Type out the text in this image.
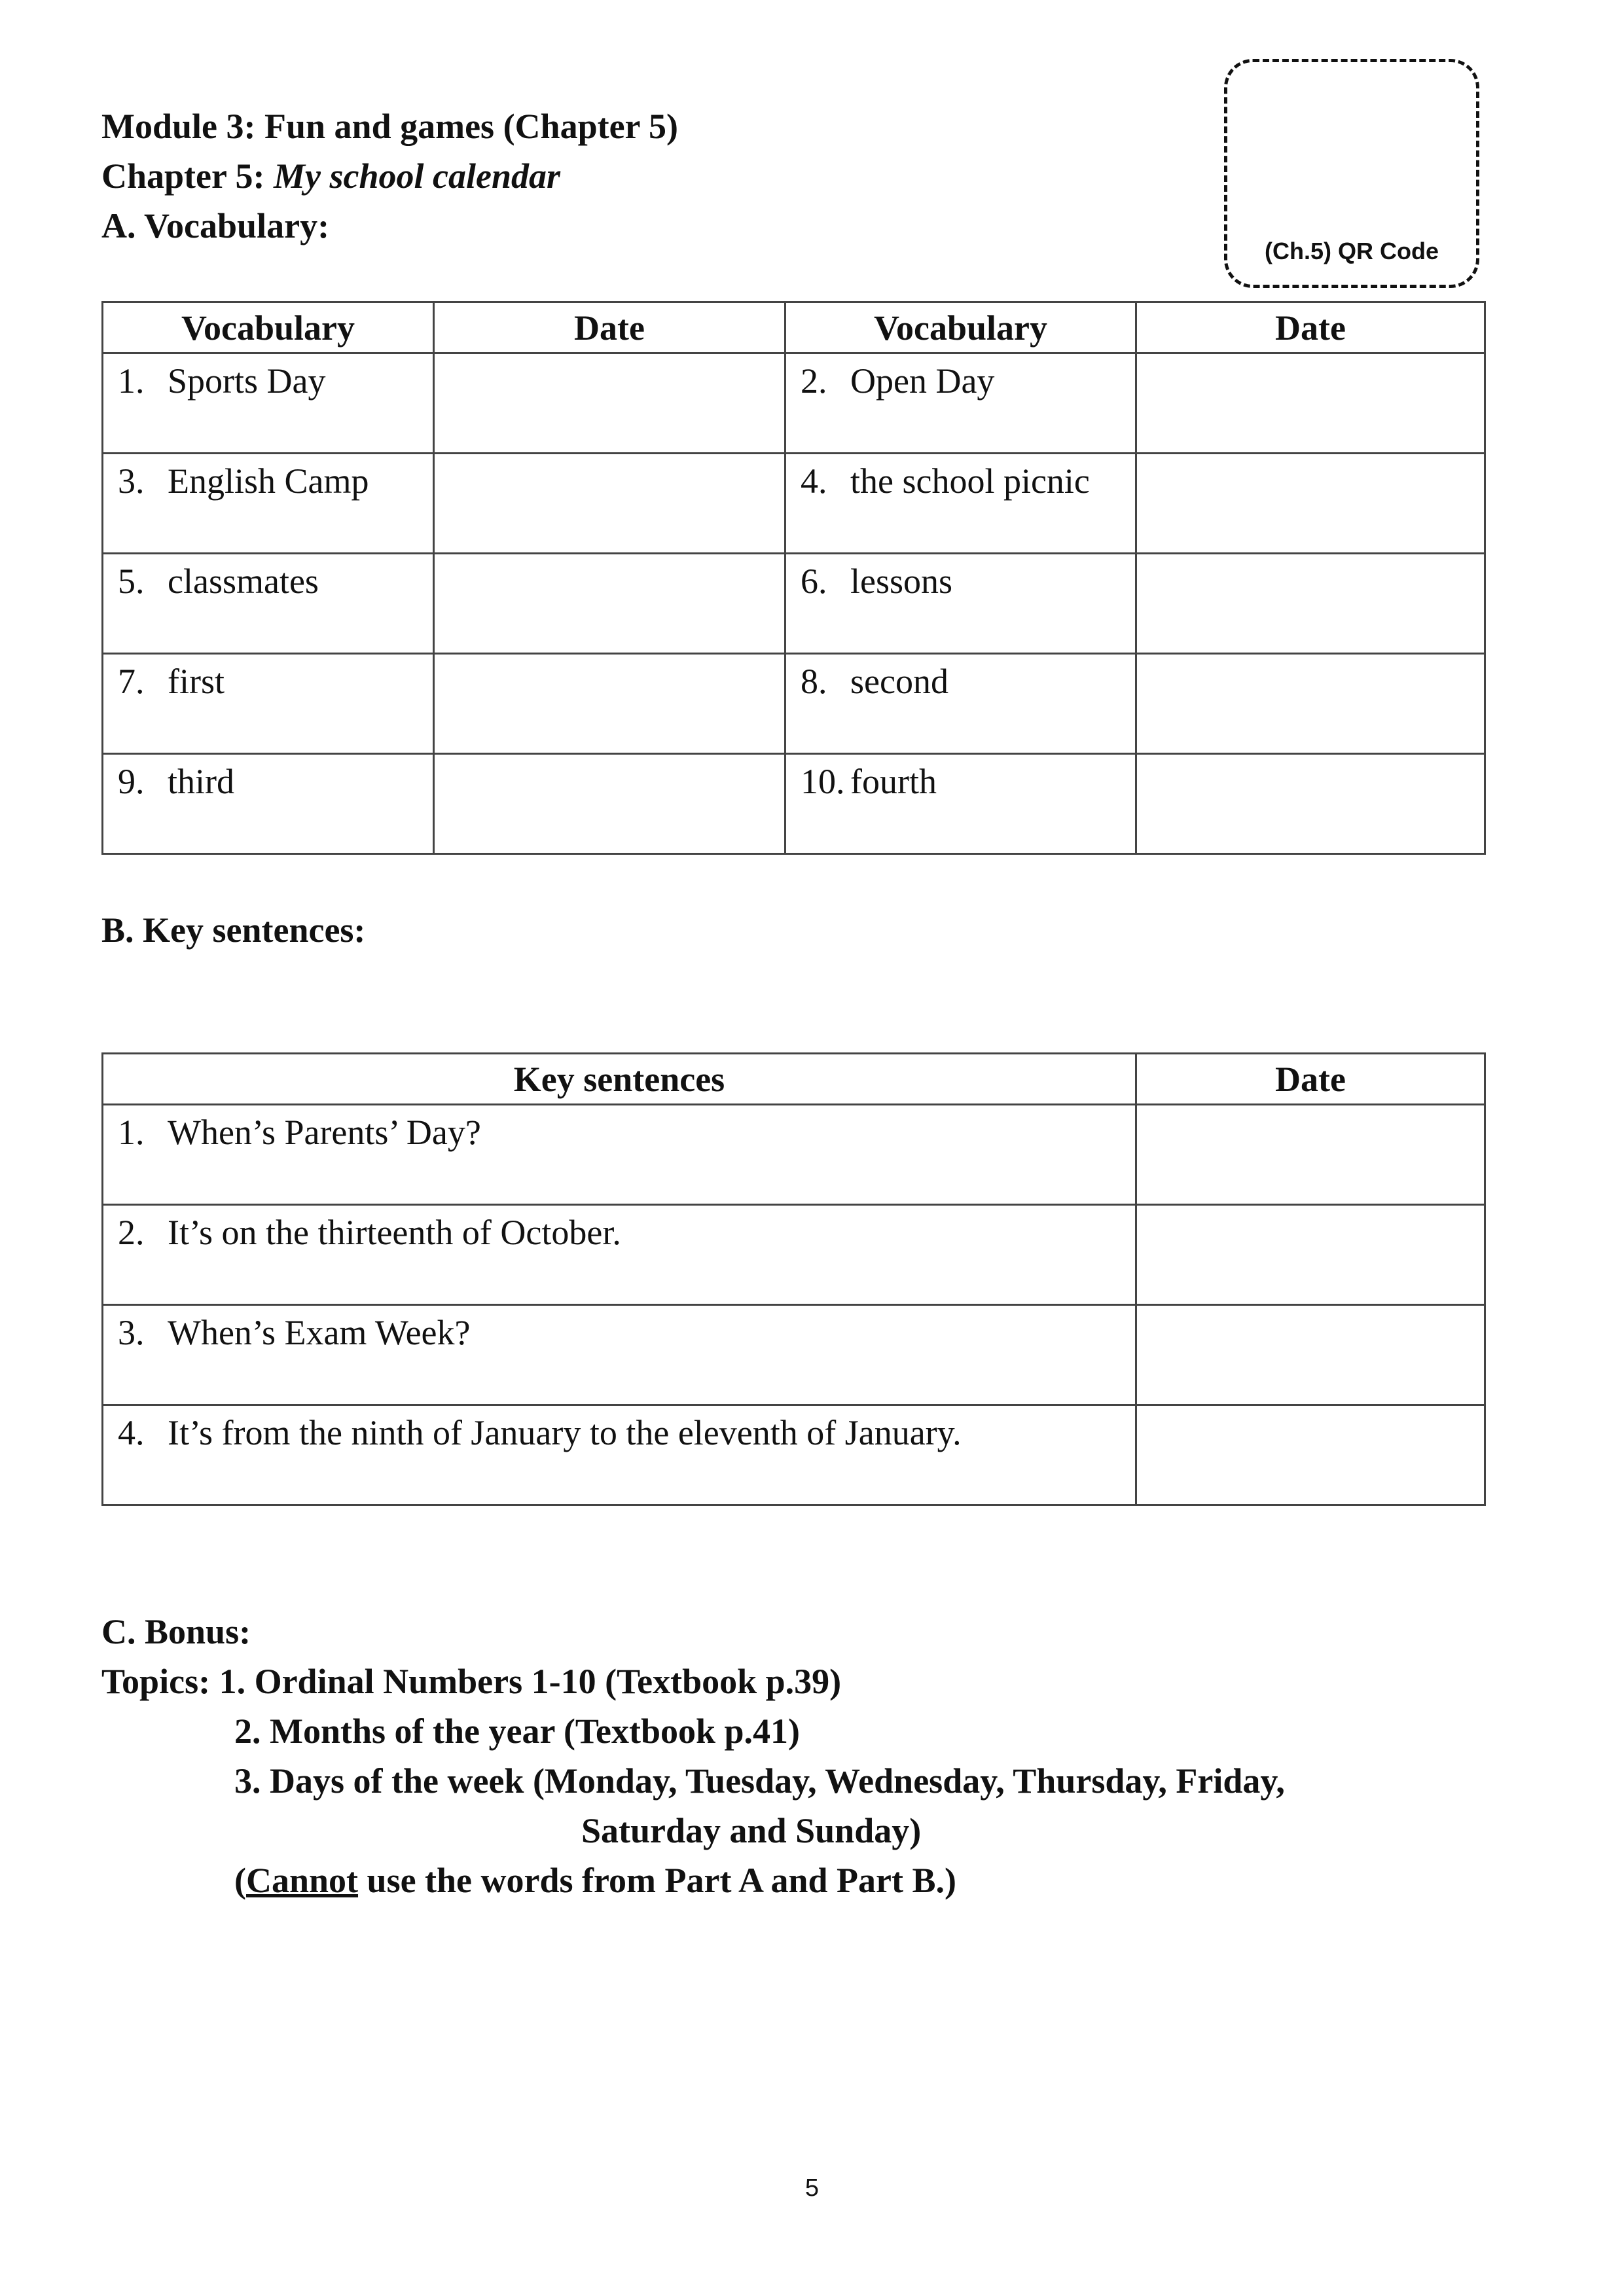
Module 3: Fun and games (Chapter 5)
Chapter 5: My school calendar
A. Vocabulary:
(Ch.5) QR Code
Vocabulary	Date	Vocabulary	Date
1. Sports Day		2. Open Day	
3. English Camp		4. the school picnic	
5. classmates		6. lessons	
7. first		8. second	
9. third		10. fourth	
B. Key sentences:
Key sentences	Date
1. When’s Parents’ Day?	
2. It’s on the thirteenth of October.	
3. When’s Exam Week?	
4. It’s from the ninth of January to the eleventh of January.	
C. Bonus:
Topics: 1. Ordinal Numbers 1-10 (Textbook p.39)
2. Months of the year (Textbook p.41)
3. Days of the week (Monday, Tuesday, Wednesday, Thursday, Friday,
Saturday and Sunday)
(Cannot use the words from Part A and Part B.)
5
